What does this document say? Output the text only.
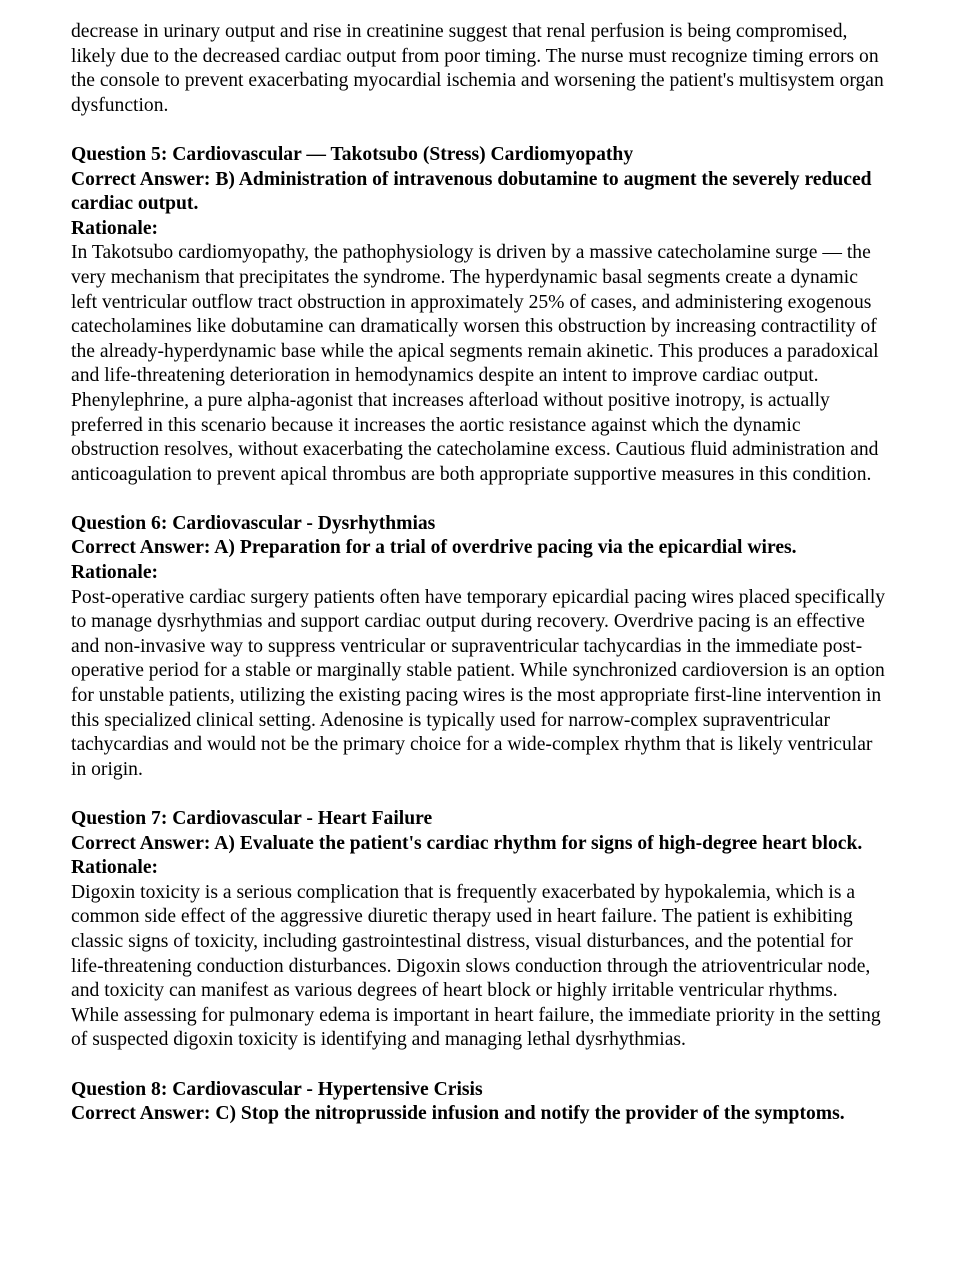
decrease in urinary output and rise in creatinine suggest that renal perfusion is being compromised, likely due to the decreased cardiac output from poor timing. The nurse must recognize timing errors on the console to prevent exacerbating myocardial ischemia and worsening the patient's multisystem organ dysfunction.

Question 5: Cardiovascular — Takotsubo (Stress) Cardiomyopathy

Correct Answer: B) Administration of intravenous dobutamine to augment the severely reduced cardiac output.

Rationale:

In Takotsubo cardiomyopathy, the pathophysiology is driven by a massive catecholamine surge — the very mechanism that precipitates the syndrome. The hyperdynamic basal segments create a dynamic left ventricular outflow tract obstruction in approximately 25% of cases, and administering exogenous catecholamines like dobutamine can dramatically worsen this obstruction by increasing contractility of the already-hyperdynamic base while the apical segments remain akinetic. This produces a paradoxical and life-threatening deterioration in hemodynamics despite an intent to improve cardiac output. Phenylephrine, a pure alpha-agonist that increases afterload without positive inotropy, is actually preferred in this scenario because it increases the aortic resistance against which the dynamic obstruction resolves, without exacerbating the catecholamine excess. Cautious fluid administration and anticoagulation to prevent apical thrombus are both appropriate supportive measures in this condition.

Question 6: Cardiovascular - Dysrhythmias

Correct Answer: A) Preparation for a trial of overdrive pacing via the epicardial wires.

Rationale:

Post-operative cardiac surgery patients often have temporary epicardial pacing wires placed specifically to manage dysrhythmias and support cardiac output during recovery. Overdrive pacing is an effective and non-invasive way to suppress ventricular or supraventricular tachycardias in the immediate post-operative period for a stable or marginally stable patient. While synchronized cardioversion is an option for unstable patients, utilizing the existing pacing wires is the most appropriate first-line intervention in this specialized clinical setting. Adenosine is typically used for narrow-complex supraventricular tachycardias and would not be the primary choice for a wide-complex rhythm that is likely ventricular in origin.

Question 7: Cardiovascular - Heart Failure

Correct Answer: A) Evaluate the patient's cardiac rhythm for signs of high-degree heart block.

Rationale:

Digoxin toxicity is a serious complication that is frequently exacerbated by hypokalemia, which is a common side effect of the aggressive diuretic therapy used in heart failure. The patient is exhibiting classic signs of toxicity, including gastrointestinal distress, visual disturbances, and the potential for life-threatening conduction disturbances. Digoxin slows conduction through the atrioventricular node, and toxicity can manifest as various degrees of heart block or highly irritable ventricular rhythms. While assessing for pulmonary edema is important in heart failure, the immediate priority in the setting of suspected digoxin toxicity is identifying and managing lethal dysrhythmias.

Question 8: Cardiovascular - Hypertensive Crisis

Correct Answer: C) Stop the nitroprusside infusion and notify the provider of the symptoms.
